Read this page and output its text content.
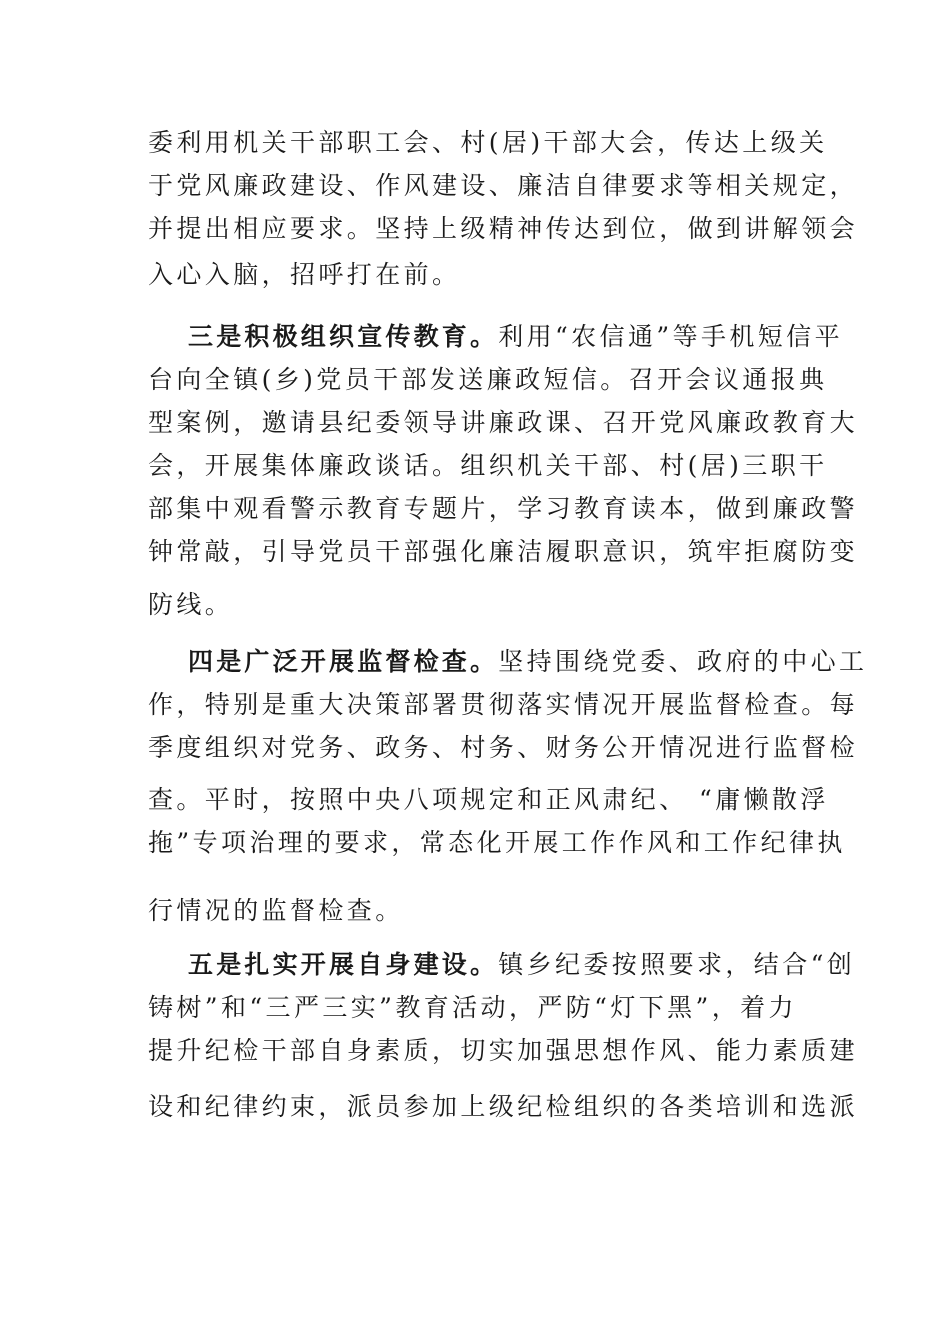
委利用机关干部职工会、村(居)干部大会，传达上级关
于党风廉政建设、作风建设、廉洁自律要求等相关规定，
并提出相应要求。坚持上级精神传达到位，做到讲解领会
入心入脑，招呼打在前。
三是积极组织宣传教育。利用“农信通”等手机短信平
台向全镇(乡)党员干部发送廉政短信。召开会议通报典
型案例，邀请县纪委领导讲廉政课、召开党风廉政教育大
会，开展集体廉政谈话。组织机关干部、村(居)三职干
部集中观看警示教育专题片，学习教育读本，做到廉政警
钟常敲，引导党员干部强化廉洁履职意识，筑牢拒腐防变
防线。
四是广泛开展监督检查。坚持围绕党委、政府的中心工
作，特别是重大决策部署贯彻落实情况开展监督检查。每
季度组织对党务、政务、村务、财务公开情况进行监督检
查。平时，按照中央八项规定和正风肃纪、 “庸懒散浮
拖”专项治理的要求，常态化开展工作作风和工作纪律执
行情况的监督检查。
五是扎实开展自身建设。镇乡纪委按照要求，结合“创
铸树”和“三严三实”教育活动，严防“灯下黑”，着力
提升纪检干部自身素质，切实加强思想作风、能力素质建
设和纪律约束，派员参加上级纪检组织的各类培训和选派
